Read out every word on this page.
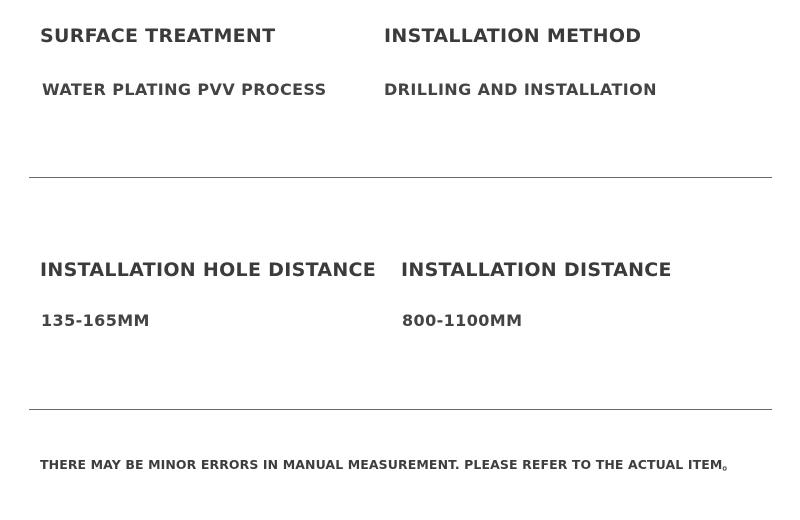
SURFACE TREATMENT
WATER PLATING PVV PROCESS
INSTALLATION METHOD
DRILLING AND INSTALLATION
INSTALLATION HOLE DISTANCE
135-165MM
INSTALLATION DISTANCE
800-1100MM
THERE MAY BE MINOR ERRORS IN MANUAL MEASUREMENT. PLEASE REFER TO THE ACTUAL ITEM。
